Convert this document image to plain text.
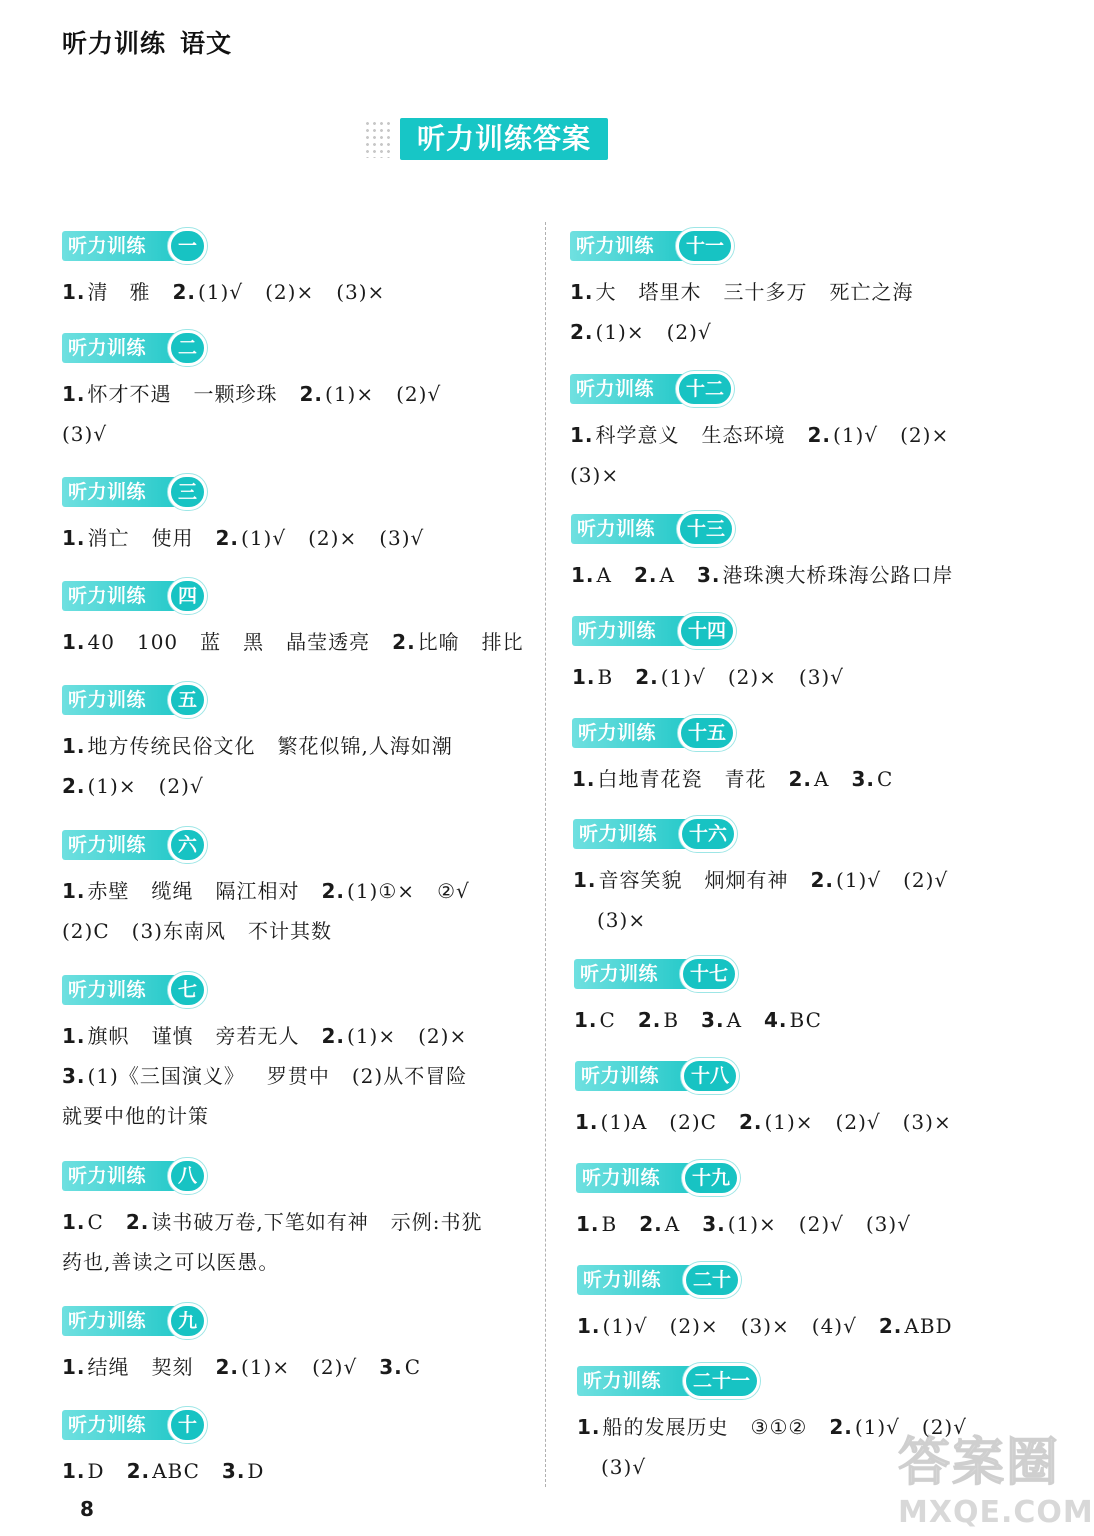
听力训练 语文
听力训练答案
听力训练	一
1. 清　雅 2. (1)√ (2)× (3)×
听力训练	二
1. 怀才不遇 一颗珍珠 2. (1)× (2)√
(3)√
听力训练	三
1. 消亡 使用 2. (1)√ (2)× (3)√
听力训练	四
1. 40 100 蓝 黑 晶莹透亮 2. 比喻 排比
听力训练	五
1. 地方传统民俗文化 繁花似锦,人海如潮
2. (1)× (2)√
听力训练	六
1. 赤壁 缆绳 隔江相对 2. (1)①× ②√
(2)C (3)东南风 不计其数
听力训练	七
1. 旗帜 谨慎 旁若无人 2. (1)× (2)×
3. (1)《三国演义》 罗贯中 (2)从不冒险
就要中他的计策
听力训练	八
1. C 2. 读书破万卷,下笔如有神 示例:书犹
药也,善读之可以医愚。
听力训练	九
1. 结绳 契刻 2. (1)× (2)√ 3. C
听力训练	十
1. D 2. ABC 3. D
听力训练	十一
1. 大 塔里木 三十多万 死亡之海
2. (1)× (2)√
听力训练	十二
1. 科学意义 生态环境 2. (1)√ (2)×
(3)×
听力训练	十三
1. A 2. A 3. 港珠澳大桥珠海公路口岸
听力训练	十四
1. B 2. (1)√ (2)× (3)√
听力训练	十五
1. 白地青花瓷 青花 2. A 3. C
听力训练	十六
1. 音容笑貌 炯炯有神 2. (1)√ (2)√
(3)×
听力训练	十七
1. C 2. B 3. A 4. BC
听力训练	十八
1. (1)A (2)C 2. (1)× (2)√ (3)×
听力训练	十九
1. B 2. A 3. (1)× (2)√ (3)√
听力训练	二十
1. (1)√ (2)× (3)× (4)√ 2. ABD
听力训练	二十一
1. 船的发展历史 ③①② 2. (1)√ (2)√
(3)√
8
答案圈
MXQE.COM
